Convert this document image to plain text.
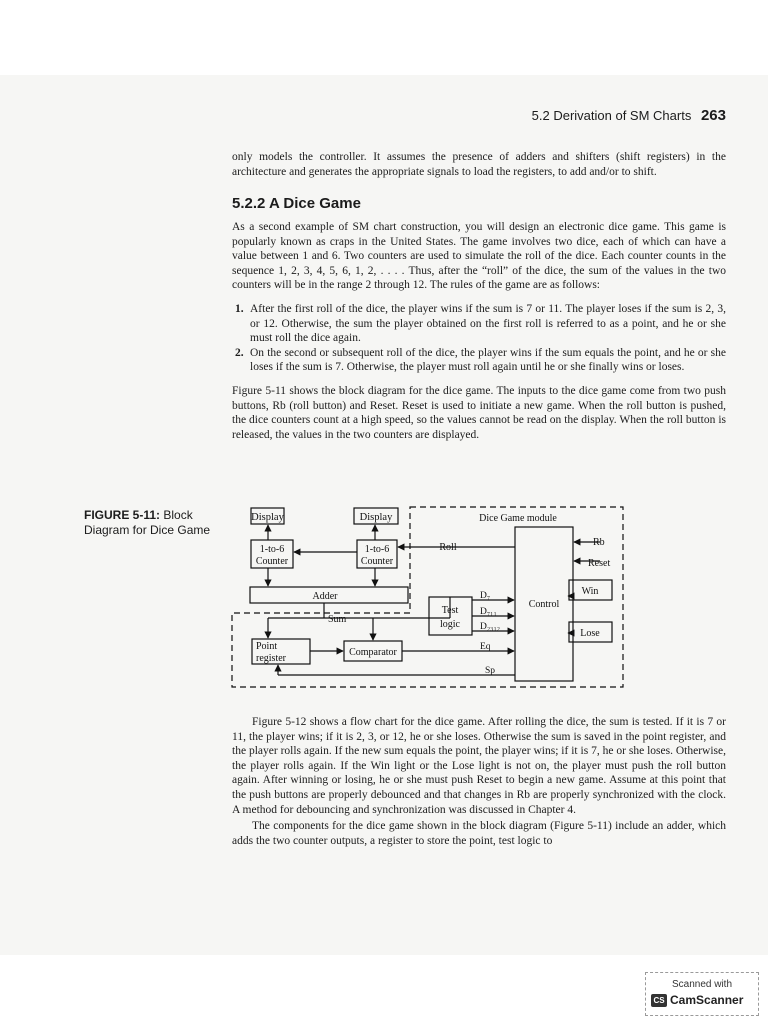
5.2 Derivation of SM Charts 263

only models the controller. It assumes the presence of adders and shifters (shift registers) in the architecture and generates the appropriate signals to load the registers, to add and/or to shift.

5.2.2 A Dice Game

As a second example of SM chart construction, you will design an electronic dice game. This game is popularly known as craps in the United States. The game involves two dice, each of which can have a value between 1 and 6. Two counters are used to simulate the roll of the dice. Each counter counts in the sequence 1, 2, 3, 4, 5, 6, 1, 2, . . . . Thus, after the “roll” of the dice, the sum of the values in the two counters will be in the range 2 through 12. The rules of the game are as follows:

1. After the first roll of the dice, the player wins if the sum is 7 or 11. The player loses if the sum is 2, 3, or 12. Otherwise, the sum the player obtained on the first roll is referred to as a point, and he or she must roll the dice again.
2. On the second or subsequent roll of the dice, the player wins if the sum equals the point, and he or she loses if the sum is 7. Otherwise, the player must roll again until he or she finally wins or loses.

Figure 5-11 shows the block diagram for the dice game. The inputs to the dice game come from two push buttons, Rb (roll button) and Reset. Reset is used to initiate a new game. When the roll button is pushed, the dice counters count at a high speed, so the values cannot be read on the display. When the roll button is released, the values in the two counters are displayed.

FIGURE 5-11: Block Diagram for Dice Game
Display	Display	Dice Game module
1-to-6
Counter
1-to-6
Counter
Roll	Rb
Reset
Win
Lose
Adder
Sum
Test
logic
Control
D₇
D₇₁₁
D₂₃₁₂
Eq
Sp
Point
register
Comparator

Figure 5-12 shows a flow chart for the dice game. After rolling the dice, the sum is tested. If it is 7 or 11, the player wins; if it is 2, 3, or 12, he or she loses. Otherwise the sum is saved in the point register, and the player rolls again. If the new sum equals the point, the player wins; if it is 7, he or she loses. Otherwise, the player rolls again. If the Win light or the Lose light is not on, the player must push the roll button again. After winning or losing, he or she must push Reset to begin a new game. Assume at this point that the push buttons are properly debounced and that changes in Rb are properly synchronized with the clock. A method for debouncing and synchronization was discussed in Chapter 4.

The components for the dice game shown in the block diagram (Figure 5-11) include an adder, which adds the two counter outputs, a register to store the point, test logic to

Scanned with
CS CamScanner
